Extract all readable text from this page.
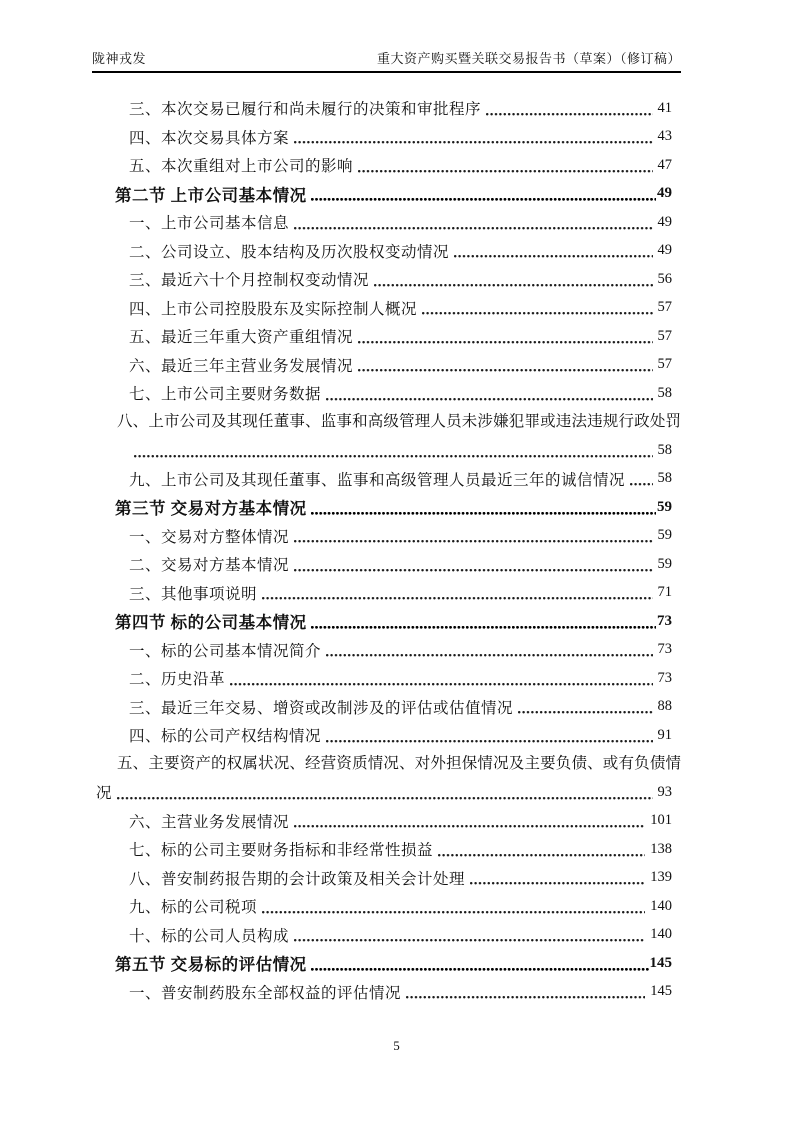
陇神戎发	重大资产购买暨关联交易报告书（草案）（修订稿）
三、本次交易已履行和尚未履行的决策和审批程序	41
四、本次交易具体方案	43
五、本次重组对上市公司的影响	47
第二节 上市公司基本情况	49
一、上市公司基本信息	49
二、公司设立、股本结构及历次股权变动情况	49
三、最近六十个月控制权变动情况	56
四、上市公司控股股东及实际控制人概况	57
五、最近三年重大资产重组情况	57
六、最近三年主营业务发展情况	57
七、上市公司主要财务数据	58
八、上市公司及其现任董事、监事和高级管理人员未涉嫌犯罪或违法违规行政处罚
58
九、上市公司及其现任董事、监事和高级管理人员最近三年的诚信情况 58
第三节 交易对方基本情况	59
一、交易对方整体情况	59
二、交易对方基本情况	59
三、其他事项说明	71
第四节 标的公司基本情况	73
一、标的公司基本情况简介	73
二、历史沿革	73
三、最近三年交易、增资或改制涉及的评估或估值情况	88
四、标的公司产权结构情况	91
五、主要资产的权属状况、经营资质情况、对外担保情况及主要负债、或有负债情
况	93
六、主营业务发展情况	101
七、标的公司主要财务指标和非经常性损益	138
八、普安制药报告期的会计政策及相关会计处理	139
九、标的公司税项	140
十、标的公司人员构成	140
第五节 交易标的评估情况	145
一、普安制药股东全部权益的评估情况	145
5
